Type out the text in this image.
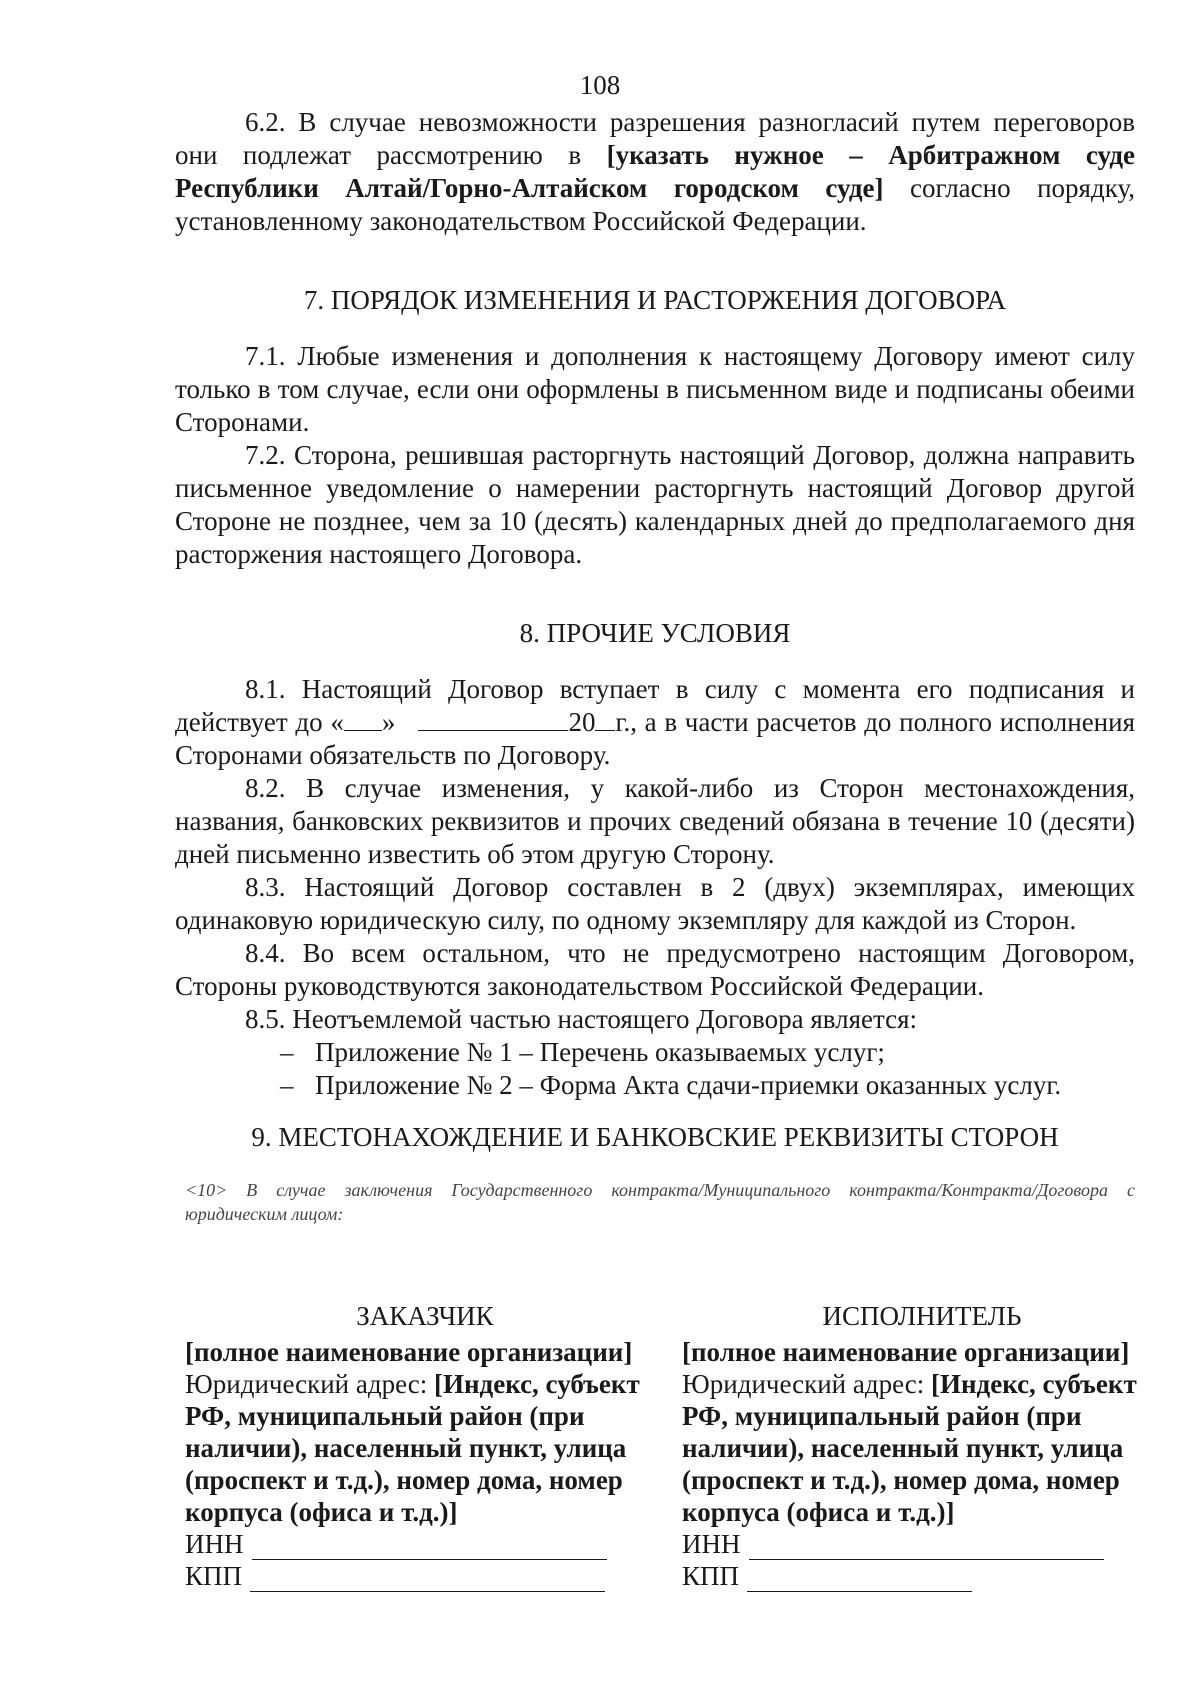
108
6.2. В случае невозможности разрешения разногласий путем переговоров они подлежат рассмотрению в [указать нужное – Арбитражном суде Республики Алтай/Горно-Алтайском городском суде] согласно порядку, установленному законодательством Российской Федерации.
7. ПОРЯДОК ИЗМЕНЕНИЯ И РАСТОРЖЕНИЯ ДОГОВОРА
7.1. Любые изменения и дополнения к настоящему Договору имеют силу только в том случае, если они оформлены в письменном виде и подписаны обеими Сторонами.
7.2. Сторона, решившая расторгнуть настоящий Договор, должна направить письменное уведомление о намерении расторгнуть настоящий Договор другой Стороне не позднее, чем за 10 (десять) календарных дней до предполагаемого дня расторжения настоящего Договора.
8. ПРОЧИЕ УСЛОВИЯ
8.1. Настоящий Договор вступает в силу с момента его подписания и действует до « »	20 г., а в части расчетов до полного исполнения Сторонами обязательств по Договору.
8.2. В случае изменения, у какой-либо из Сторон местонахождения, названия, банковских реквизитов и прочих сведений обязана в течение 10 (десяти) дней письменно известить об этом другую Сторону.
8.3. Настоящий Договор составлен в 2 (двух) экземплярах, имеющих одинаковую юридическую силу, по одному экземпляру для каждой из Сторон.
8.4. Во всем остальном, что не предусмотрено настоящим Договором, Стороны руководствуются законодательством Российской Федерации.
8.5. Неотъемлемой частью настоящего Договора является:
– Приложение № 1 – Перечень оказываемых услуг;
– Приложение № 2 – Форма Акта сдачи-приемки оказанных услуг.
9. МЕСТОНАХОЖДЕНИЕ И БАНКОВСКИЕ РЕКВИЗИТЫ СТОРОН
<10> В случае заключения Государственного контракта/Муниципального контракта/Контракта/Договора с юридическим лицом:
ЗАКАЗЧИК
[полное наименование организации]
Юридический адрес: [Индекс, субъект РФ, муниципальный район (при наличии), населенный пункт, улица (проспект и т.д.), номер дома, номер корпуса (офиса и т.д.)]
ИНН
КПП
ИСПОЛНИТЕЛЬ
[полное наименование организации]
Юридический адрес: [Индекс, субъект РФ, муниципальный район (при наличии), населенный пункт, улица (проспект и т.д.), номер дома, номер корпуса (офиса и т.д.)]
ИНН
КПП
